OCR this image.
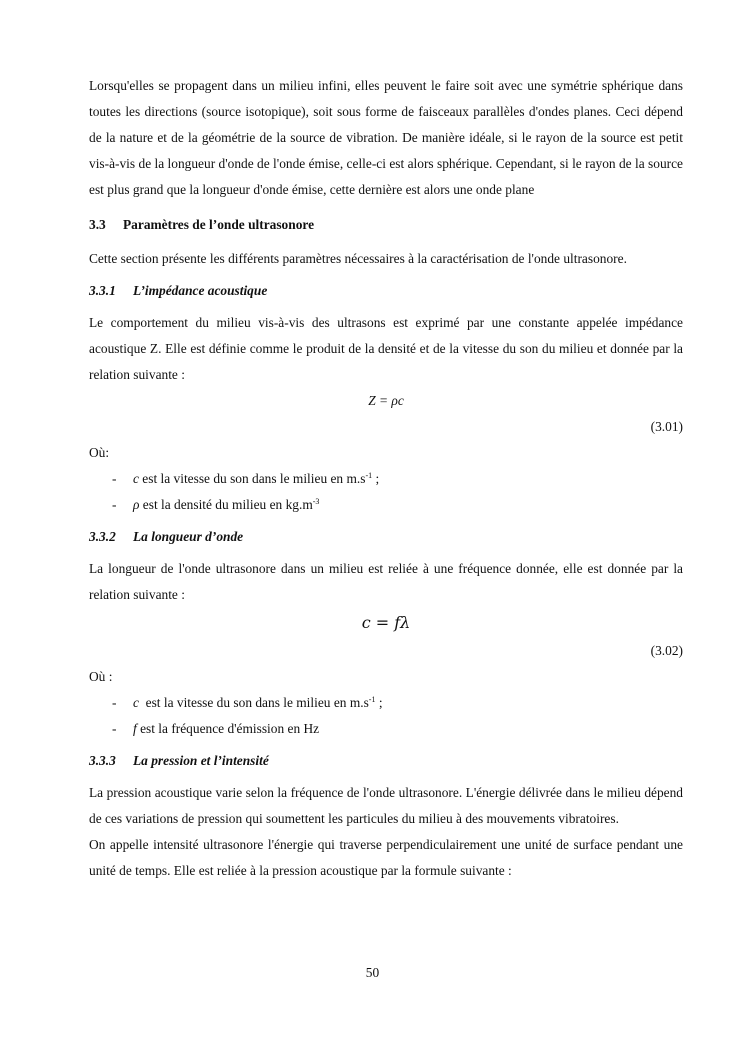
Lorsqu'elles se propagent dans un milieu infini, elles peuvent le faire soit avec une symétrie sphérique dans toutes les directions (source isotopique), soit sous forme de faisceaux parallèles d'ondes planes. Ceci dépend de la nature et de la géométrie de la source de vibration. De manière idéale, si le rayon de la source est petit vis-à-vis de la longueur d'onde de l'onde émise, celle-ci est alors sphérique. Cependant, si le rayon de la source est plus grand que la longueur d'onde émise, cette dernière est alors une onde plane

3.3 Paramètres de l’onde ultrasonore

Cette section présente les différents paramètres nécessaires à la caractérisation de l'onde ultrasonore.

3.3.1 L’impédance acoustique

Le comportement du milieu vis-à-vis des ultrasons est exprimé par une constante appelée impédance acoustique Z. Elle est définie comme le produit de la densité et de la vitesse du son du milieu et donnée par la relation suivante :

Z = ρc
(3.01)

Où:

- c est la vitesse du son dans le milieu en $m.s^{-1}$ ;
- ρ est la densité du milieu en $kg.m^{-3}$
3.3.2 La longueur d’onde

La longueur de l'onde ultrasonore dans un milieu est reliée à une fréquence donnée, elle est donnée par la relation suivante :

c = fλ
(3.02)

Où :

- c  est la vitesse du son dans le milieu en $m.s^{-1}$ ;
- f est la fréquence d'émission en Hz
3.3.3 La pression et l’intensité

La pression acoustique varie selon la fréquence de l'onde ultrasonore. L'énergie délivrée dans le milieu dépend de ces variations de pression qui soumettent les particules du milieu à des mouvements vibratoires.

On appelle intensité ultrasonore l'énergie qui traverse perpendiculairement une unité de surface pendant une unité de temps. Elle est reliée à la pression acoustique par la formule suivante :

50
